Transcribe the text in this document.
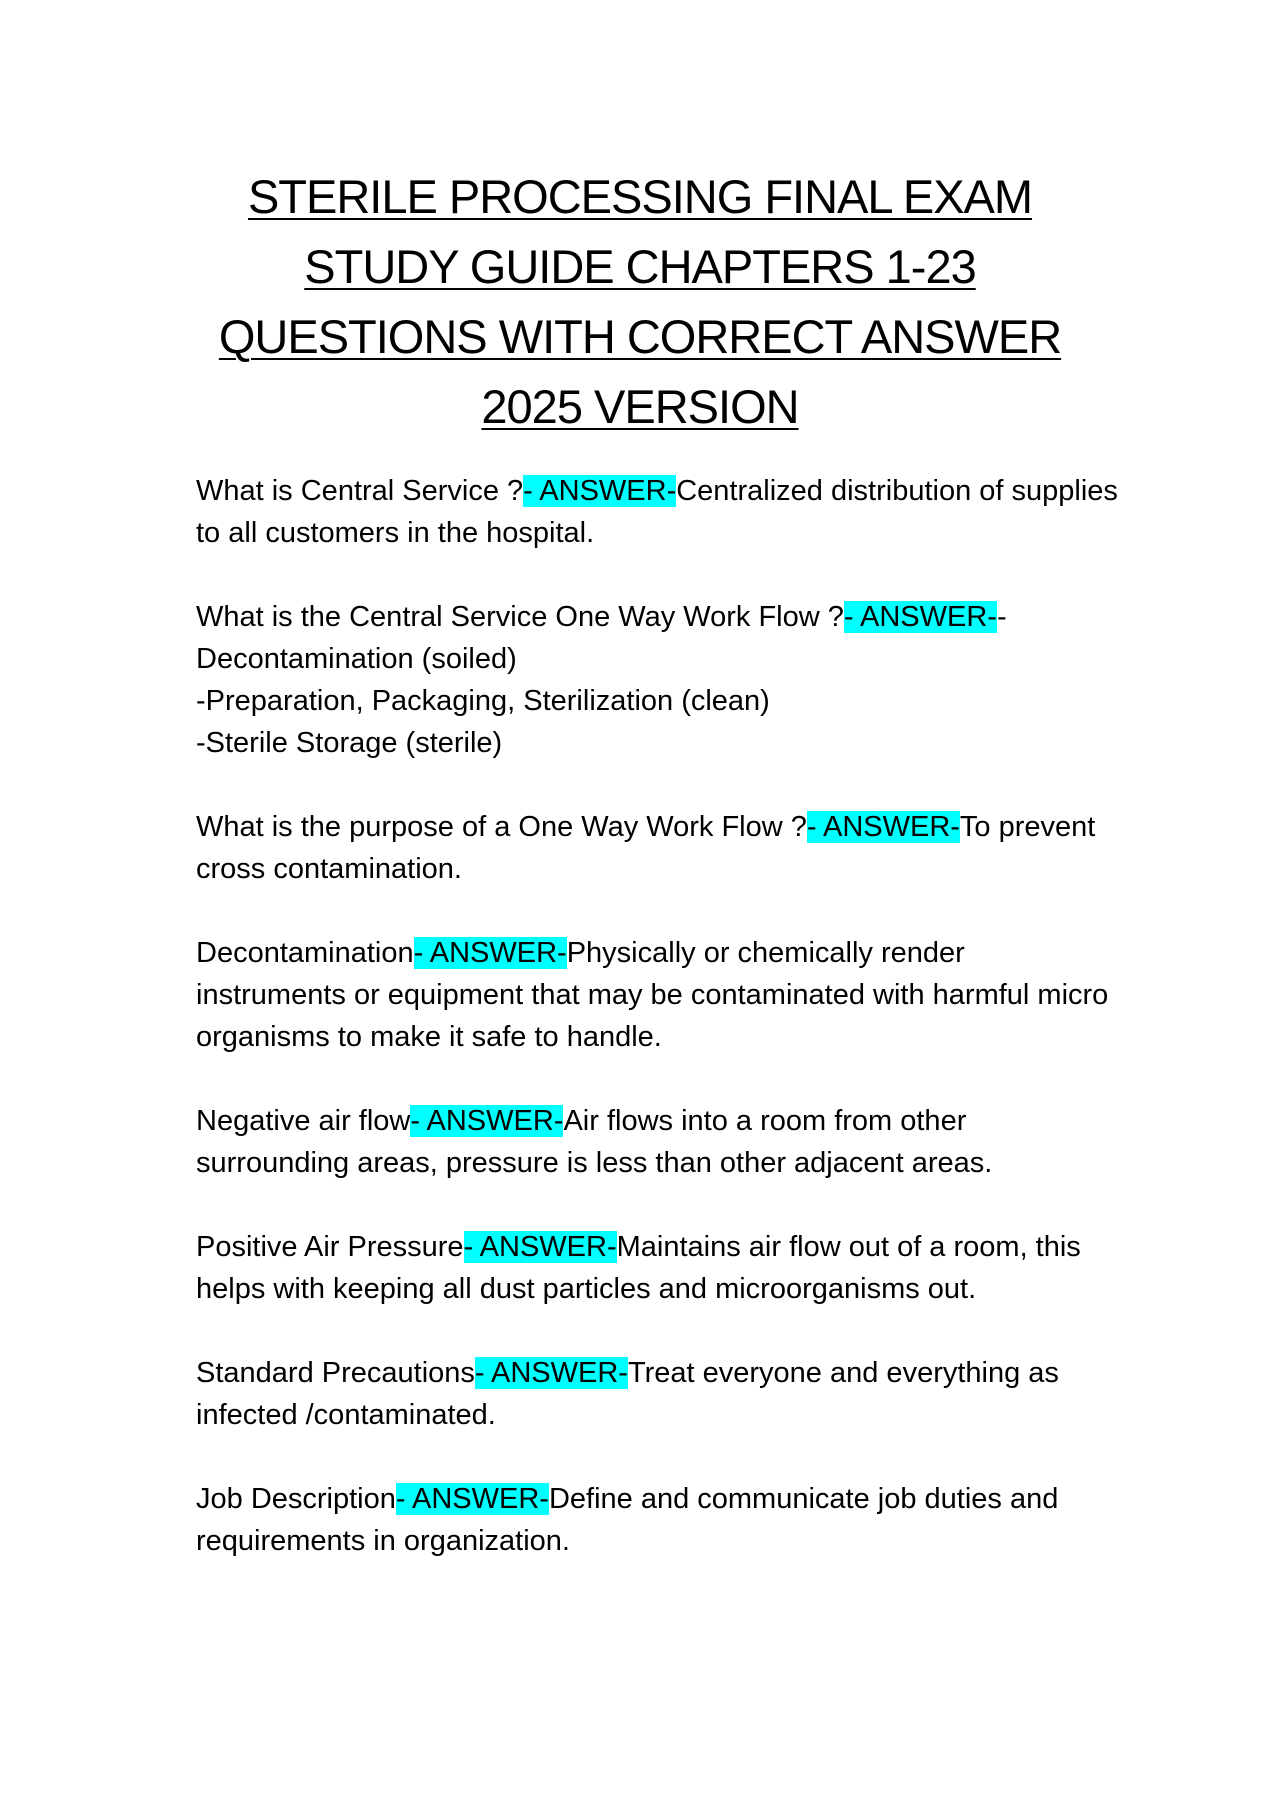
STERILE PROCESSING FINAL EXAM
STUDY GUIDE CHAPTERS 1-23
QUESTIONS WITH CORRECT ANSWER
2025 VERSION

What is Central Service ?- ANSWER-Centralized distribution of supplies to all customers in the hospital.

What is the Central Service One Way Work Flow ?- ANSWER--Decontamination (soiled)

-Preparation, Packaging, Sterilization (clean)

-Sterile Storage (sterile)

What is the purpose of a One Way Work Flow ?- ANSWER-To prevent cross contamination.

Decontamination- ANSWER-Physically or chemically render instruments or equipment that may be contaminated with harmful micro organisms to make it safe to handle.

Negative air flow- ANSWER-Air flows into a room from other surrounding areas, pressure is less than other adjacent areas.

Positive Air Pressure- ANSWER-Maintains air flow out of a room, this helps with keeping all dust particles and microorganisms out.

Standard Precautions- ANSWER-Treat everyone and everything as infected /contaminated.

Job Description- ANSWER-Define and communicate job duties and requirements in organization.
